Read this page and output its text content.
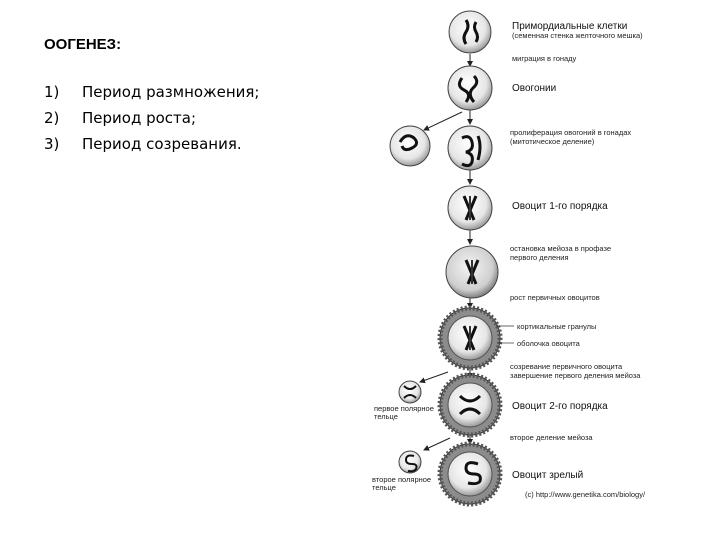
ООГЕНЕЗ:
1)	Период размножения;
2)	Период роста;
3)	Период созревания.
Примордиальные клетки
(семенная стенка желточного мешка)
миграция в гонаду
Овогонии
пролиферация овогоний в гонадах
(митотическое деление)
Овоцит 1-го порядка
остановка мейоза в профазе
первого деления
рост первичных овоцитов
кортикальные гранулы
оболочка овоцита
созревание первичного овоцита
завершение первого деления мейоза
первое полярное
тельце
Овоцит 2-го порядка
второе деление мейоза
второе полярное
тельце
Овоцит зрелый
(c) http://www.genetika.com/biology/
